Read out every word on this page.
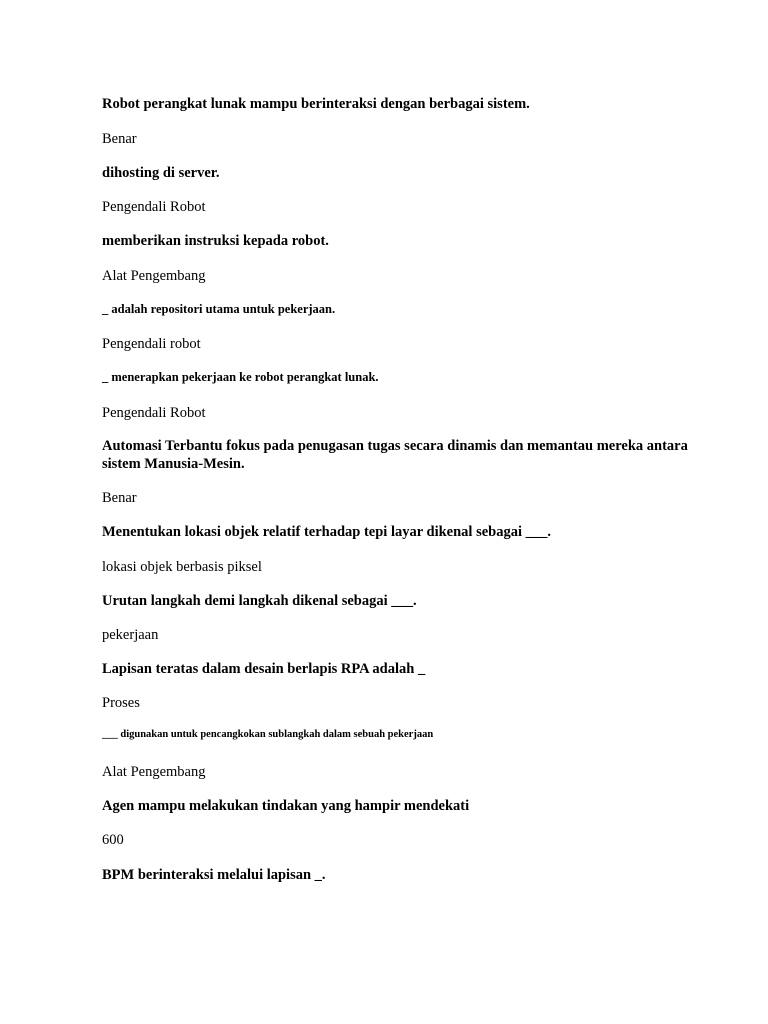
Robot perangkat lunak mampu berinteraksi dengan berbagai sistem.

Benar

dihosting di server.

Pengendali Robot

memberikan instruksi kepada robot.

Alat Pengembang

_ adalah repositori utama untuk pekerjaan.

Pengendali robot

_ menerapkan pekerjaan ke robot perangkat lunak.

Pengendali Robot

Automasi Terbantu fokus pada penugasan tugas secara dinamis dan memantau mereka antara sistem Manusia-Mesin.

Benar

Menentukan lokasi objek relatif terhadap tepi layar dikenal sebagai ___.

lokasi objek berbasis piksel

Urutan langkah demi langkah dikenal sebagai ___.

pekerjaan

Lapisan teratas dalam desain berlapis RPA adalah _

Proses

___ digunakan untuk pencangkokan sublangkah dalam sebuah pekerjaan

Alat Pengembang

Agen mampu melakukan tindakan yang hampir mendekati

600

BPM berinteraksi melalui lapisan _.
